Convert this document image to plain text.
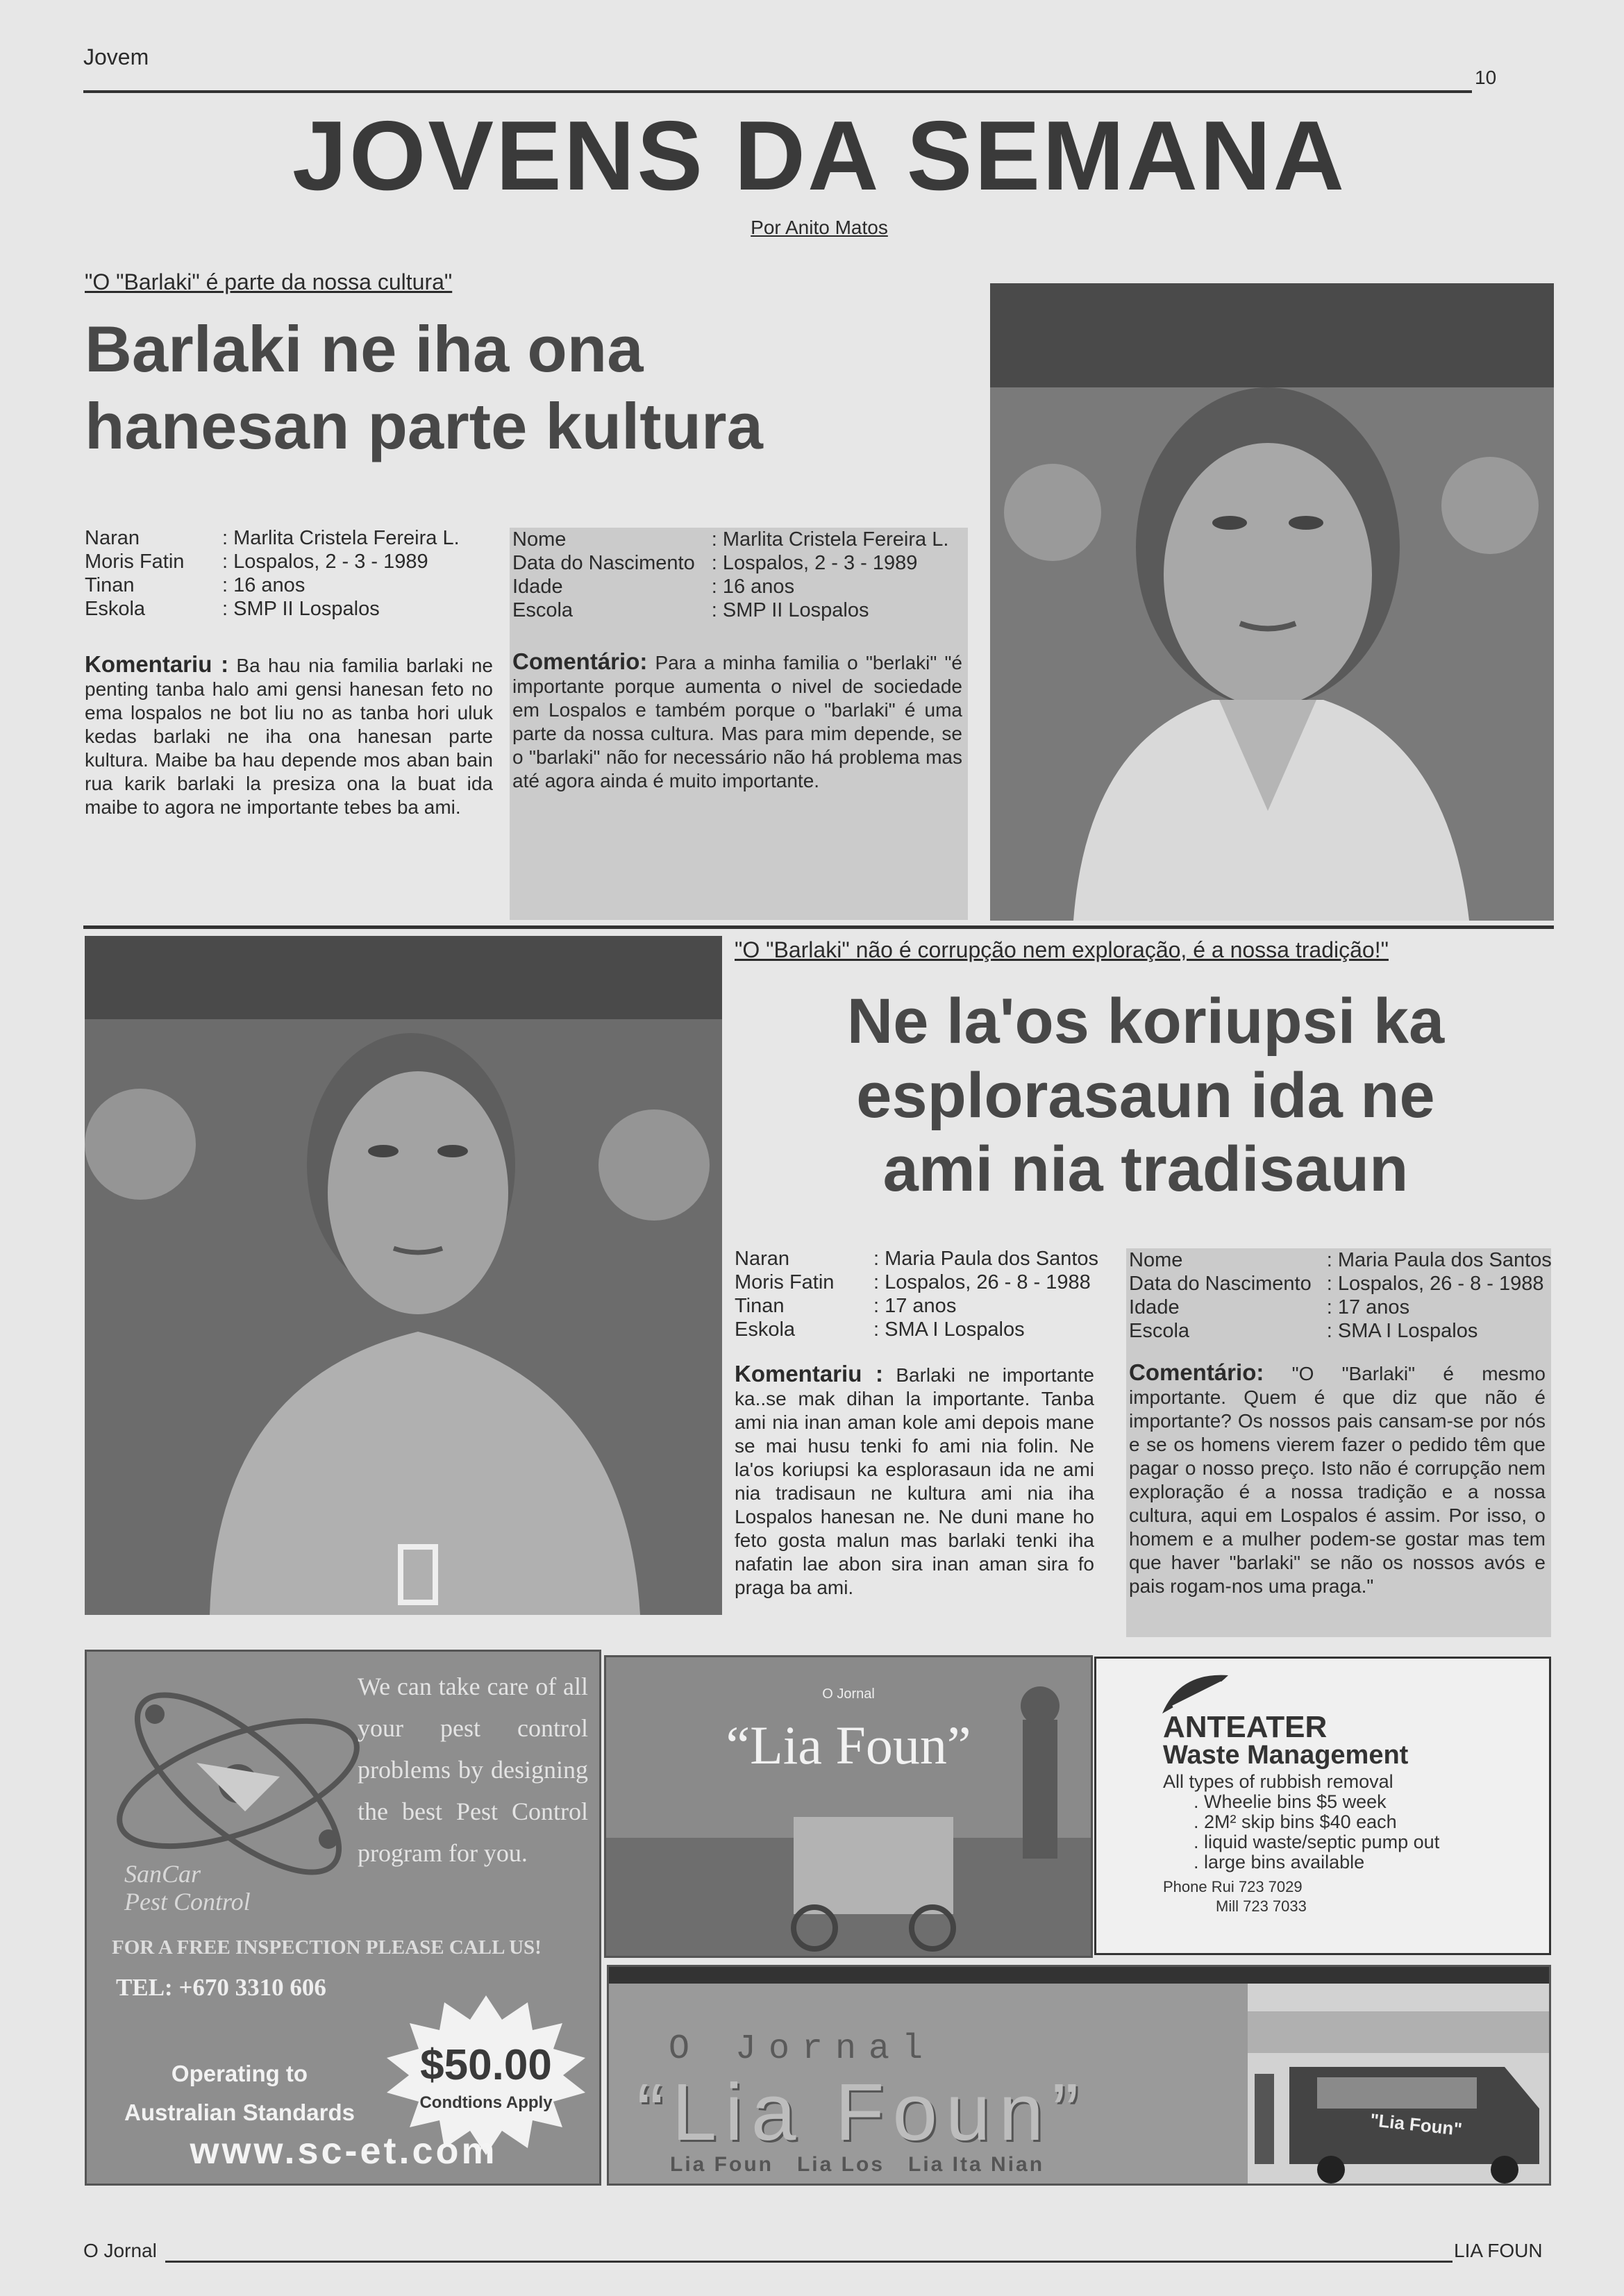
Jovem
10
JOVENS DA SEMANA
Por Anito Matos
"O "Barlaki" é parte da nossa cultura"
Barlaki ne iha ona
hanesan parte kultura
Naran	: Marlita Cristela Fereira L.
Moris Fatin	: Lospalos, 2 - 3 - 1989
Tinan	: 16 anos
Eskola	: SMP II Lospalos
Komentariu : Ba hau nia familia barlaki ne penting tanba halo ami gensi hanesan feto no ema lospalos ne bot liu no as tanba hori uluk kedas barlaki ne iha ona hanesan parte kultura. Maibe ba hau depende mos aban bain rua karik barlaki la presiza ona la buat ida maibe to agora ne importante tebes ba ami.
Nome	: Marlita Cristela Fereira L.
Data do Nascimento	: Lospalos, 2 - 3 - 1989
Idade	: 16 anos
Escola	: SMP II Lospalos
Comentário: Para a minha familia o "berlaki" "é importante porque aumenta o nivel de sociedade em Lospalos e também porque o "barlaki" é uma parte da nossa cultura. Mas para mim depende, se o "barlaki" não for necessário não há problema mas até agora ainda é muito importante.
"O "Barlaki" não é corrupção nem exploração, é a nossa tradição!"
Ne la'os koriupsi ka
esplorasaun ida ne
ami nia tradisaun
Naran	: Maria Paula dos Santos
Moris Fatin	: Lospalos, 26 - 8 - 1988
Tinan	: 17 anos
Eskola	: SMA I Lospalos
Komentariu : Barlaki ne importante ka..se mak dihan la importante. Tanba ami nia inan aman kole ami depois mane se mai husu tenki fo ami nia folin. Ne la'os koriupsi ka esplorasaun ida ne ami nia tradisaun ne kultura ami nia iha Lospalos hanesan ne. Ne duni mane ho feto gosta malun mas barlaki tenki iha nafatin lae abon sira inan aman sira fo praga ba ami.
Nome	: Maria Paula dos Santos
Data do Nascimento	: Lospalos, 26 - 8 - 1988
Idade	: 17 anos
Escola	: SMA I Lospalos
Comentário: "O "Barlaki" é mesmo importante. Quem é que diz que não é importante? Os nossos pais cansam-se por nós e se os homens vierem fazer o pedido têm que pagar o nosso preço. Isto não é corrupção nem exploração é a nossa tradição e a nossa cultura, aqui em Lospalos é assim. Por isso, o homem e a mulher podem-se gostar mas tem que haver "barlaki" se não os nossos avós e pais rogam-nos uma praga."
SanCar
Pest Control
We can take care of all your pest control problems by designing the best Pest Control program for you.
FOR A FREE INSPECTION PLEASE CALL US!
TEL: +670 3310 606
$50.00
Condtions Apply
Operating to
Australian Standards
www.sc-et.com
O Jornal
“Lia Foun”	ANTEATER
Waste Management
All types of rubbish removal
. Wheelie bins $5 week
. 2M² skip bins $40 each
. liquid waste/septic pump out
. large bins available
Phone Rui 723 7029
Mill 723 7033
"Lia Foun"
O Jornal
“Lia Foun”
Lia Foun   Lia Los   Lia Ita Nian
O Jornal	LIA FOUN
